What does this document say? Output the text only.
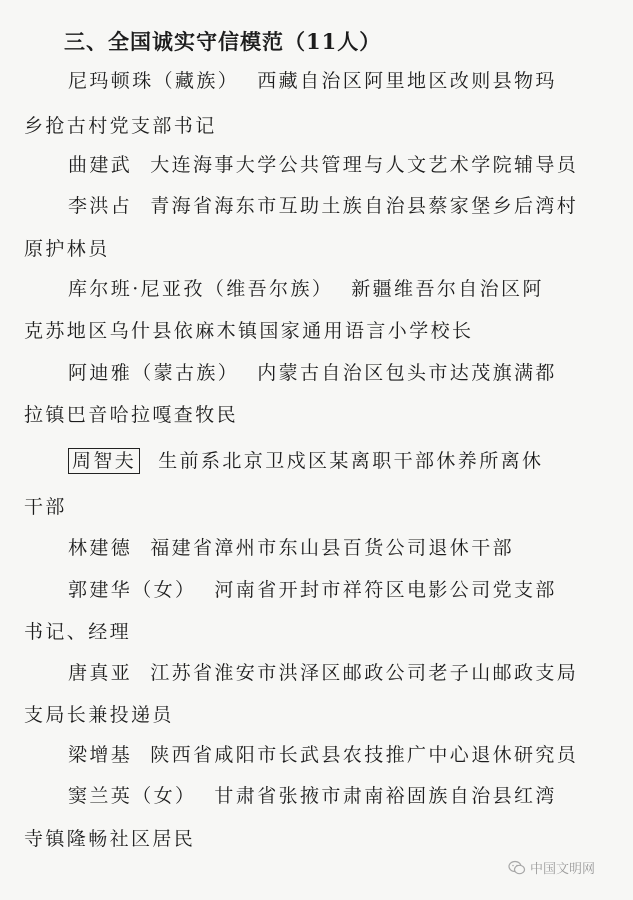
三、全国诚实守信模范（11人）
尼玛顿珠（藏族） 西藏自治区阿里地区改则县物玛
乡抢古村党支部书记
曲建武 大连海事大学公共管理与人文艺术学院辅导员
李洪占 青海省海东市互助土族自治县蔡家堡乡后湾村
原护林员
库尔班·尼亚孜（维吾尔族） 新疆维吾尔自治区阿
克苏地区乌什县依麻木镇国家通用语言小学校长
阿迪雅（蒙古族） 内蒙古自治区包头市达茂旗满都
拉镇巴音哈拉嘎查牧民
周智夫 生前系北京卫戍区某离职干部休养所离休
干部
林建德 福建省漳州市东山县百货公司退休干部
郭建华（女） 河南省开封市祥符区电影公司党支部
书记、经理
唐真亚 江苏省淮安市洪泽区邮政公司老子山邮政支局
支局长兼投递员
梁增基 陕西省咸阳市长武县农技推广中心退休研究员
窦兰英（女） 甘肃省张掖市肃南裕固族自治县红湾
寺镇隆畅社区居民
中国文明网
